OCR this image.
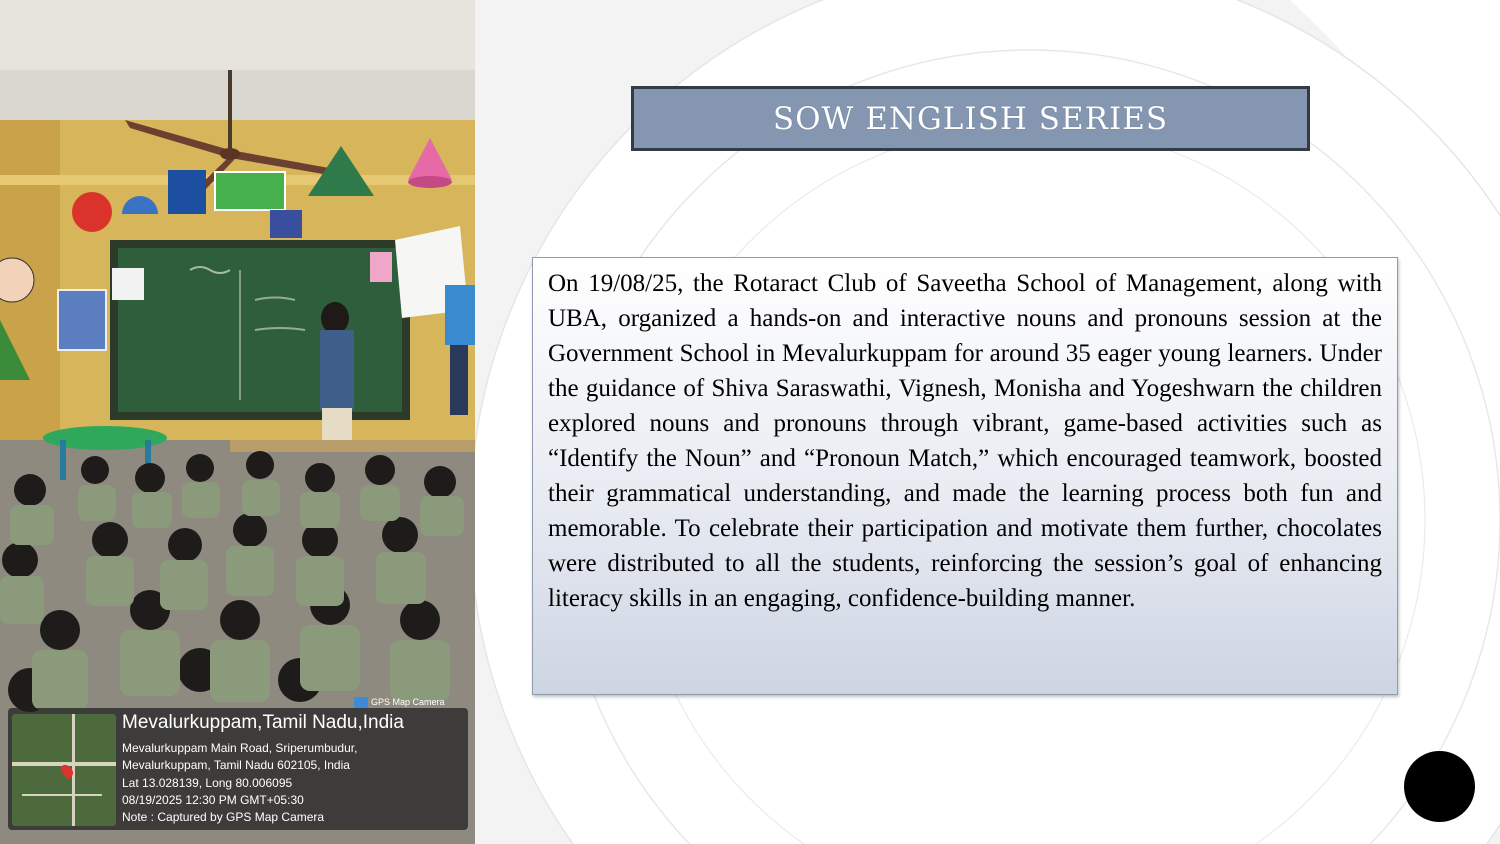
GPS Map Camera
Mevalurkuppam,Tamil Nadu,India
Mevalurkuppam Main Road, Sriperumbudur,
Mevalurkuppam, Tamil Nadu 602105, India
Lat 13.028139, Long 80.006095
08/19/2025 12:30 PM GMT+05:30
Note : Captured by GPS Map Camera
SOW ENGLISH SERIES

On 19/08/25, the Rotaract Club of Saveetha School of Management, along with UBA, organized a hands-on and interactive nouns and pronouns session at the Government School in Mevalurkuppam for around 35 eager young learners. Under the guidance of Shiva Saraswathi, Vignesh, Monisha and Yogeshwarn the children explored nouns and pronouns through vibrant, game-based activities such as “Identify the Noun” and “Pronoun Match,” which encouraged teamwork, boosted their grammatical understanding, and made the learning process both fun and memorable. To celebrate their participation and motivate them further, chocolates were distributed to all the students, reinforcing the session’s goal of enhancing literacy skills in an engaging, confidence-building manner.
